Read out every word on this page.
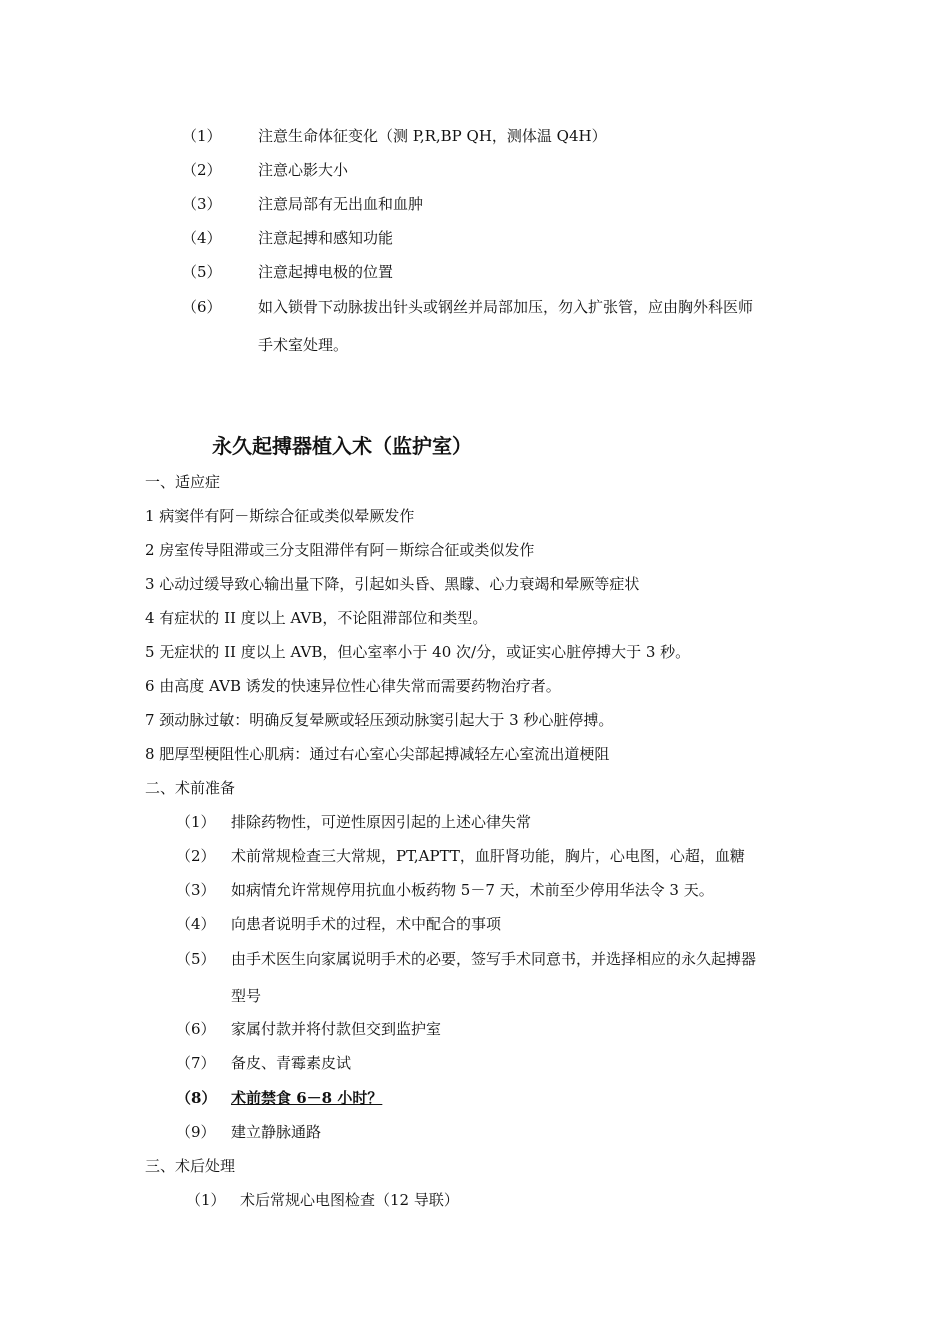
（1） 注意生命体征变化（测 P,R,BP QH，测体温 Q4H）
（2） 注意心影大小
（3） 注意局部有无出血和血肿
（4） 注意起搏和感知功能
（5） 注意起搏电极的位置
（6） 如入锁骨下动脉拔出针头或钢丝并局部加压，勿入扩张管，应由胸外科医师
手术室处理。
永久起搏器植入术（监护室）
一、适应症
1 病窦伴有阿－斯综合征或类似晕厥发作
2 房室传导阻滞或三分支阻滞伴有阿－斯综合征或类似发作
3 心动过缓导致心输出量下降，引起如头昏、黑矇、心力衰竭和晕厥等症状
4 有症状的 II 度以上 AVB，不论阻滞部位和类型。
5 无症状的 II 度以上 AVB，但心室率小于 40 次/分，或证实心脏停搏大于 3 秒。
6 由高度 AVB 诱发的快速异位性心律失常而需要药物治疗者。
7 颈动脉过敏：明确反复晕厥或轻压颈动脉窦引起大于 3 秒心脏停搏。
8 肥厚型梗阻性心肌病：通过右心室心尖部起搏减轻左心室流出道梗阻
二、术前准备
（1） 排除药物性，可逆性原因引起的上述心律失常
（2） 术前常规检查三大常规，PT,APTT，血肝肾功能，胸片，心电图，心超，血糖
（3） 如病情允许常规停用抗血小板药物 5－7 天，术前至少停用华法令 3 天。
（4） 向患者说明手术的过程，术中配合的事项
（5） 由手术医生向家属说明手术的必要，签写手术同意书，并选择相应的永久起搏器
型号
（6） 家属付款并将付款但交到监护室
（7） 备皮、青霉素皮试
（8） 术前禁食 6－8 小时？
（9） 建立静脉通路
三、术后处理
（1） 术后常规心电图检查（12 导联）
